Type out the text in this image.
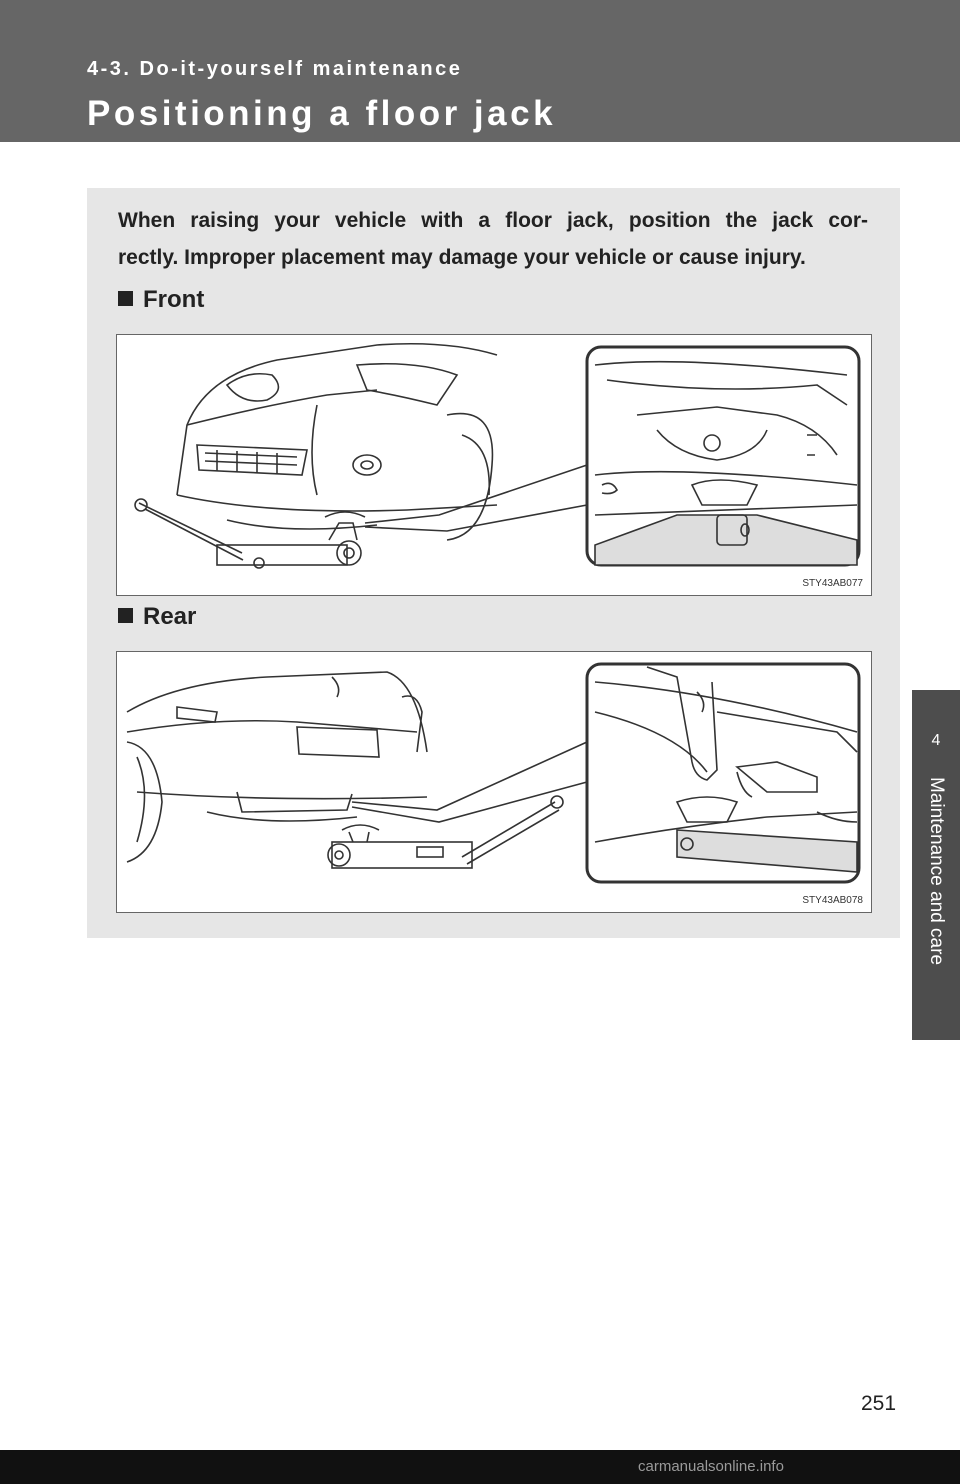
4-3. Do-it-yourself maintenance
Positioning a floor jack
4
Maintenance and care
When raising your vehicle with a floor jack, position the jack cor-
rectly. Improper placement may damage your vehicle or cause injury.
Front
STY43AB077
Rear
STY43AB078
251
carmanualsonline.info
